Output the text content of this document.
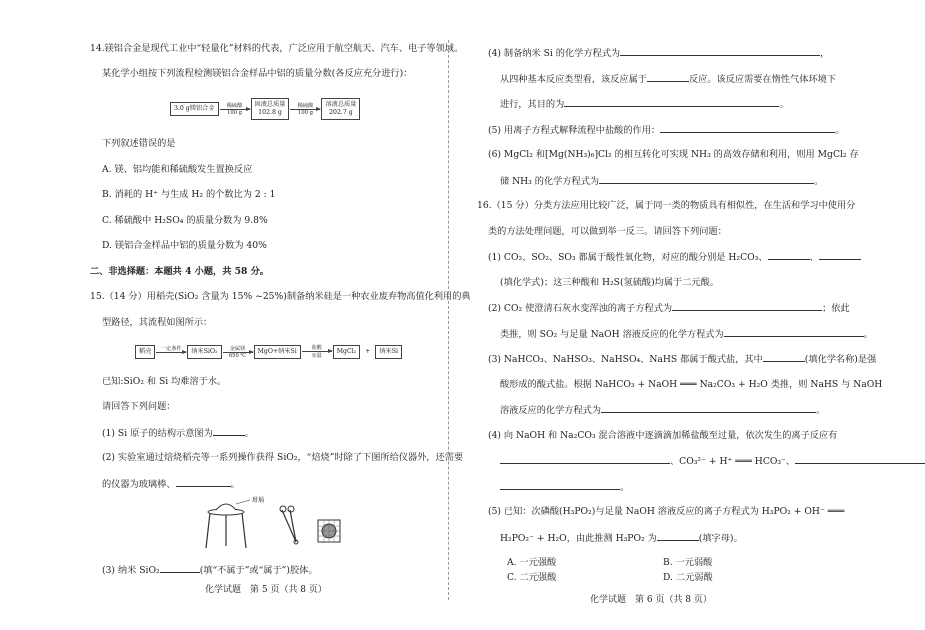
14.镁铝合金是现代工业中“轻量化”材料的代表，广泛应用于航空航天、汽车、电子等领域。
某化学小组按下列流程检测镁铝合金样品中铝的质量分数(各反应充分进行)：
3.0 g镁铝合金	稀硫酸
100 g
固液总质量
102.8 g
稀硫酸
100 g
溶液总质量
202.7 g
下列叙述错误的是
A. 镁、铝均能和稀硫酸发生置换反应
B. 消耗的 H⁺ 与生成 H₂ 的个数比为 2 : 1
C. 稀硫酸中 H₂SO₄ 的质量分数为 9.8%
D. 镁铝合金样品中铝的质量分数为 40%
二、非选择题：本题共 4 小题，共 58 分。
15.（14 分）用稻壳(SiO₂ 含量为 15% ~25%)制备纳米硅是一种农业废弃物高值化利用的典
型路径，其流程如图所示：
稻壳	一定条件
	纳米SiO₂	金属镁
650 ℃
MgO+纳米Si	盐酸
室温
MgCl₂	+	纳米Si
已知:SiO₂ 和 Si 均难溶于水。
请回答下列问题：
(1) Si 原子的结构示意图为	。
(2) 实验室通过焙烧稻壳等一系列操作获得 SiO₂，“焙烧”时除了下图所给仪器外，还需要
的仪器为玻璃棒、	。
坩埚
(3) 纳米 SiO₂	(填“不属于”或“属于”)胶体。
化学试题　第 5 页（共 8 页）
(4) 制备纳米 Si 的化学方程式为	，
从四种基本反应类型看，该反应属于	反应。该反应需要在惰性气体环境下
进行，其目的为	。
(5) 用离子方程式解释流程中盐酸的作用：	。
(6) MgCl₂ 和[Mg(NH₃)₆]Cl₂ 的相互转化可实现 NH₃ 的高效存储和利用，则用 MgCl₂ 存
储 NH₃ 的化学方程式为	。
16.（15 分）分类方法应用比较广泛，属于同一类的物质具有相似性，在生活和学习中使用分
类的方法处理问题，可以做到举一反三。请回答下列问题：
(1) CO₂、SO₂、SO₃ 都属于酸性氧化物，对应的酸分别是 H₂CO₃、	、
(填化学式)；这三种酸和 H₂S(氢硫酸)均属于二元酸。
(2) CO₂ 使澄清石灰水变浑浊的离子方程式为	；依此
类推，则 SO₂ 与足量 NaOH 溶液反应的化学方程式为	。
(3) NaHCO₃、NaHSO₃、NaHSO₄、NaHS 都属于酸式盐，其中	(填化学名称)是强
酸形成的酸式盐。根据 NaHCO₃ + NaOH ═══ Na₂CO₃ + H₂O 类推，则 NaHS 与 NaOH
溶液反应的化学方程式为	。
(4) 向 NaOH 和 Na₂CO₃ 混合溶液中逐滴滴加稀盐酸至过量，依次发生的离子反应有
、CO₃²⁻ + H⁺ ═══ HCO₃⁻、
。
(5) 已知：次磷酸(H₃PO₂)与足量 NaOH 溶液反应的离子方程式为 H₃PO₂ + OH⁻ ═══
H₂PO₂⁻ + H₂O，由此推测 H₃PO₂ 为	(填字母)。
A. 一元强酸	B. 一元弱酸
C. 二元强酸	D. 二元弱酸
化学试题　第 6 页（共 8 页）
